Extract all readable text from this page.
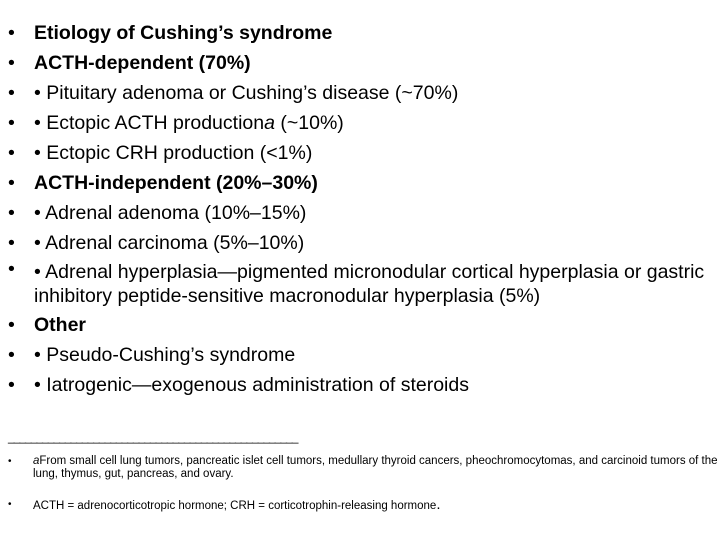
• Etiology of Cushing’s syndrome
• ACTH-dependent (70%)
• • Pituitary adenoma or Cushing’s disease (~70%)
• • Ectopic ACTH productiona (~10%)
• • Ectopic CRH production (<1%)
• ACTH-independent (20%–30%)
• • Adrenal adenoma (10%–15%)
• • Adrenal carcinoma (5%–10%)
• • Adrenal hyperplasia—pigmented micronodular cortical hyperplasia or gastric inhibitory peptide-sensitive macronodular hyperplasia (5%)
• Other
• • Pseudo-Cushing’s syndrome
• • Iatrogenic—exogenous administration of steroids
___________________________________________________
• aFrom small cell lung tumors, pancreatic islet cell tumors, medullary thyroid cancers, pheochromocytomas, and carcinoid tumors of the lung, thymus, gut, pancreas, and ovary.
• ACTH = adrenocorticotropic hormone; CRH = corticotrophin-releasing hormone.
